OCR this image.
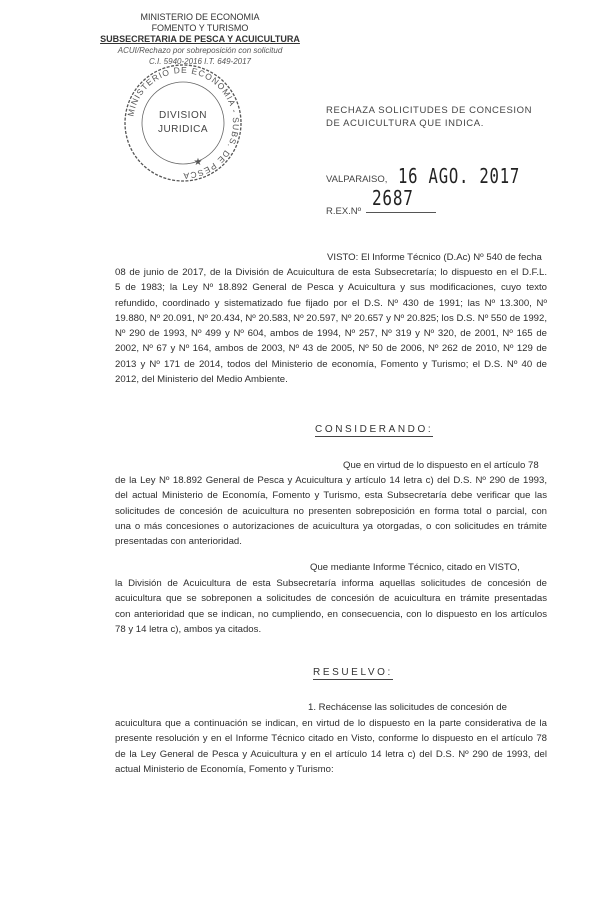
MINISTERIO DE ECONOMIA
FOMENTO Y TURISMO
SUBSECRETARIA DE PESCA Y ACUICULTURA
ACUI/Rechazo por sobreposición con solicitud
C.I. 5940-2016 I.T. 649-2017
MINISTERIO DE ECONOMIA - SUBS. DE PESCA
DIVISION
JURIDICA
★
RECHAZA SOLICITUDES DE CONCESION DE ACUICULTURA QUE INDICA.
VALPARAISO, 16 AGO. 2017
R.EX.Nº
2687
VISTO: El Informe Técnico (D.Ac) Nº 540 de fecha
08 de junio de 2017, de la División de Acuicultura de esta Subsecretaría; lo dispuesto en el D.F.L.
5 de 1983; la Ley Nº 18.892 General de Pesca y Acuicultura y sus modificaciones, cuyo texto
refundido, coordinado y sistematizado fue fijado por el D.S. Nº 430 de 1991; las Nº 13.300, Nº
19.880, Nº 20.091, Nº 20.434, Nº 20.583, Nº 20.597, Nº 20.657 y Nº 20.825; los D.S. Nº 550 de 1992,
Nº 290 de 1993, Nº 499 y Nº 604, ambos de 1994, Nº 257, Nº 319 y Nº 320, de 2001, Nº 165 de
2002, Nº 67 y Nº 164, ambos de 2003, Nº 43 de 2005, Nº 50 de 2006, Nº 262 de 2010, Nº 129 de
2013 y Nº 171 de 2014, todos del Ministerio de economía, Fomento y Turismo; el D.S. Nº 40 de
2012, del Ministerio del Medio Ambiente.
CONSIDERANDO:
Que en virtud de lo dispuesto en el artículo 78
de la Ley Nº 18.892 General de Pesca y Acuicultura y artículo 14 letra c) del D.S. Nº 290 de 1993,
del actual Ministerio de Economía, Fomento y Turismo, esta Subsecretaría debe verificar que las
solicitudes de concesión de acuicultura no presenten sobreposición en forma total o parcial, con
una o más concesiones o autorizaciones de acuicultura ya otorgadas, o con solicitudes en trámite
presentadas con anterioridad.
Que mediante Informe Técnico, citado en VISTO,
la División de Acuicultura de esta Subsecretaría informa aquellas solicitudes de concesión de
acuicultura que se sobreponen a solicitudes de concesión de acuicultura en trámite presentadas
con anterioridad que se indican, no cumpliendo, en consecuencia, con lo dispuesto en los artículos
78 y 14 letra c), ambos ya citados.
RESUELVO:
1. Rechácense las solicitudes de concesión de
acuicultura que a continuación se indican, en virtud de lo dispuesto en la parte considerativa de la
presente resolución y en el Informe Técnico citado en Visto, conforme lo dispuesto en el artículo 78
de la Ley General de Pesca y Acuicultura y en el artículo 14 letra c) del D.S. Nº 290 de 1993, del
actual Ministerio de Economía, Fomento y Turismo:
